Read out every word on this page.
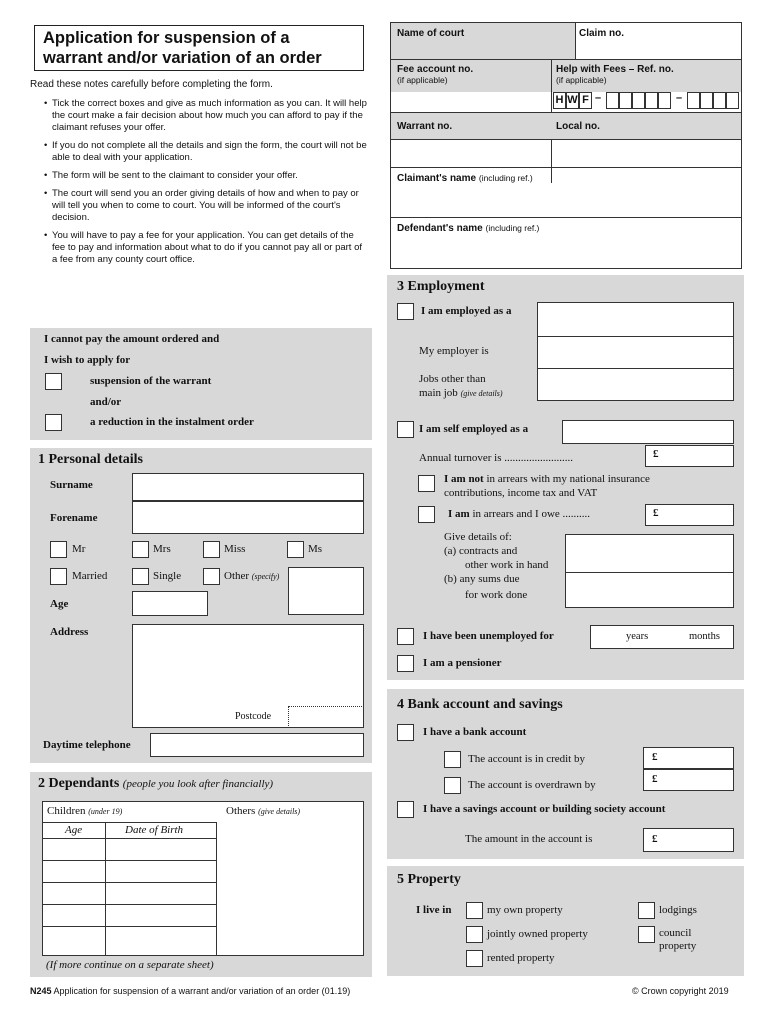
Application for suspension of a
warrant and/or variation of an order
Read these notes carefully before completing the form.
• Tick the correct boxes and give as much information as you can. It will help the court make a fair decision about how much you can afford to pay if the claimant refuses your offer.
• If you do not complete all the details and sign the form, the court will not be able to deal with your application.
• The form will be sent to the claimant to consider your offer.
• The court will send you an order giving details of how and when to pay or will tell you when to come to court. You will be informed of the court's decision.
• You will have to pay a fee for your application. You can get details of the fee to pay and information about what to do if you cannot pay all or part of a fee from any county court office.
I cannot pay the amount ordered and
I wish to apply for
suspension of the warrant
and/or
a reduction in the instalment order
1 Personal details
Surname
Forename
Mr	Mrs	Miss	Ms
Married	Single	Other (specify)
Age
Address
Postcode
Daytime telephone
2 Dependants (people you look after financially)
Children (under 19)	Others (give details)
Age	Date of Birth
(If more continue on a separate sheet)
Name of court	Claim no.
Fee account no.
(if applicable)
Help with Fees – Ref. no.
(if applicable)
H W F –	–
Warrant no.	Local no.
Claimant's name (including ref.)
Defendant's name (including ref.)
3 Employment
I am employed as a
My employer is
Jobs other than
main job (give details)
I am self employed as a
Annual turnover is .........................	£
I am not in arrears with my national insurance
contributions, income tax and VAT
I am in arrears and I owe ..........	£
Give details of:
(a) contracts and
other work in hand
(b) any sums due
for work done
I have been unemployed for	years	months
I am a pensioner
4 Bank account and savings
I have a bank account
The account is in credit by	£
The account is overdrawn by	£
I have a savings account or building society account
The amount in the account is	£
5 Property
I live in	my own property
jointly owned property
rented property
lodgings
council
property
N245 Application for suspension of a warrant and/or variation of an order (01.19)	© Crown copyright 2019
